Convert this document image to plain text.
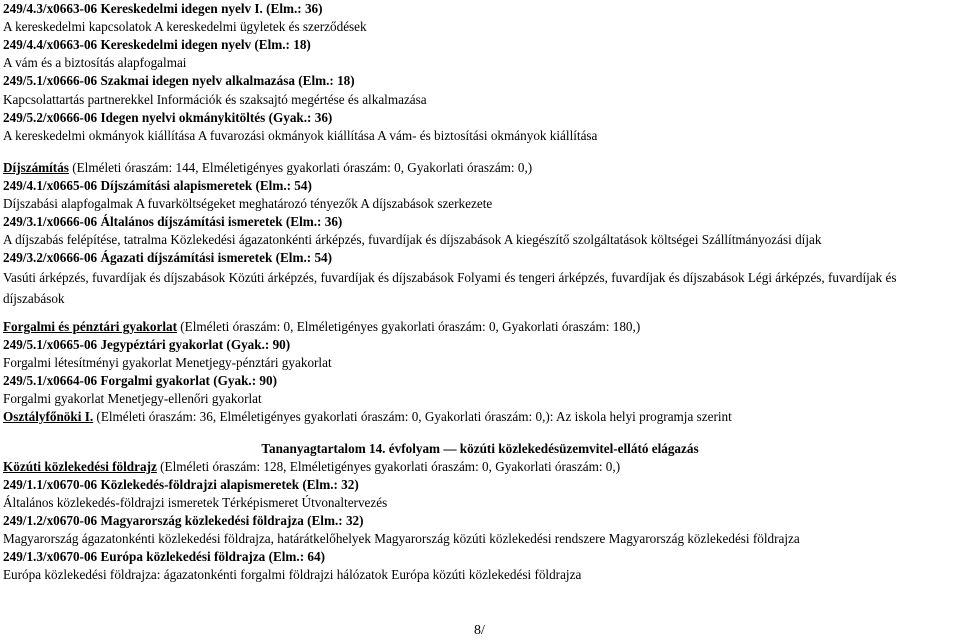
249/4.3/x0663-06 Kereskedelmi idegen nyelv I. (Elm.: 36)
A kereskedelmi kapcsolatok A kereskedelmi ügyletek és szerződések
249/4.4/x0663-06 Kereskedelmi idegen nyelv (Elm.: 18)
A vám és a biztosítás alapfogalmai
249/5.1/x0666-06 Szakmai idegen nyelv alkalmazása (Elm.: 18)
Kapcsolattartás partnerekkel Információk és szaksajtó megértése és alkalmazása
249/5.2/x0666-06 Idegen nyelvi okmánykitöltés (Gyak.: 36)
A kereskedelmi okmányok kiállítása A fuvarozási okmányok kiállítása A vám- és biztosítási okmányok kiállítása
Díjszámítás (Elméleti óraszám: 144, Elméletigényes gyakorlati óraszám: 0, Gyakorlati óraszám: 0,)
249/4.1/x0665-06 Díjszámítási alapismeretek (Elm.: 54)
Díjszabási alapfogalmak A fuvarköltségeket meghatározó tényezők A díjszabások szerkezete
249/3.1/x0666-06 Általános díjszámítási ismeretek (Elm.: 36)
A díjszabás felépítése, tatralma Közlekedési ágazatonkénti árképzés, fuvardíjak és díjszabások A kiegészítő szolgáltatások költségei Szállítmányozási díjak
249/3.2/x0666-06 Ágazati díjszámítási ismeretek (Elm.: 54)
Vasúti árképzés, fuvardíjak és díjszabások Közúti árképzés, fuvardíjak és díjszabások Folyami és tengeri árképzés, fuvardíjak és díjszabások Légi árképzés, fuvardíjak és díjszabások
Forgalmi és pénztári gyakorlat (Elméleti óraszám: 0, Elméletigényes gyakorlati óraszám: 0, Gyakorlati óraszám: 180,)
249/5.1/x0665-06 Jegypéztári gyakorlat (Gyak.: 90)
Forgalmi létesítményi gyakorlat Menetjegy-pénztári gyakorlat
249/5.1/x0664-06 Forgalmi gyakorlat (Gyak.: 90)
Forgalmi gyakorlat Menetjegy-ellenőri gyakorlat
Osztályfőnöki I. (Elméleti óraszám: 36, Elméletigényes gyakorlati óraszám: 0, Gyakorlati óraszám: 0,): Az iskola helyi programja szerint
Tananyagtartalom 14. évfolyam — közúti közlekedésüzemvitel-ellátó elágazás
Közúti közlekedési földrajz (Elméleti óraszám: 128, Elméletigényes gyakorlati óraszám: 0, Gyakorlati óraszám: 0,)
249/1.1/x0670-06 Közlekedés-földrajzi alapismeretek (Elm.: 32)
Általános közlekedés-földrajzi ismeretek Térképismeret Útvonaltervezés
249/1.2/x0670-06 Magyarország közlekedési földrajza (Elm.: 32)
Magyarország ágazatonkénti közlekedési földrajza, határátkelőhelyek Magyarország közúti közlekedési rendszere Magyarország közlekedési földrajza
249/1.3/x0670-06 Európa közlekedési földrajza (Elm.: 64)
Európa közlekedési földrajza: ágazatonkénti forgalmi földrajzi hálózatok Európa közúti közlekedési földrajza
8/
